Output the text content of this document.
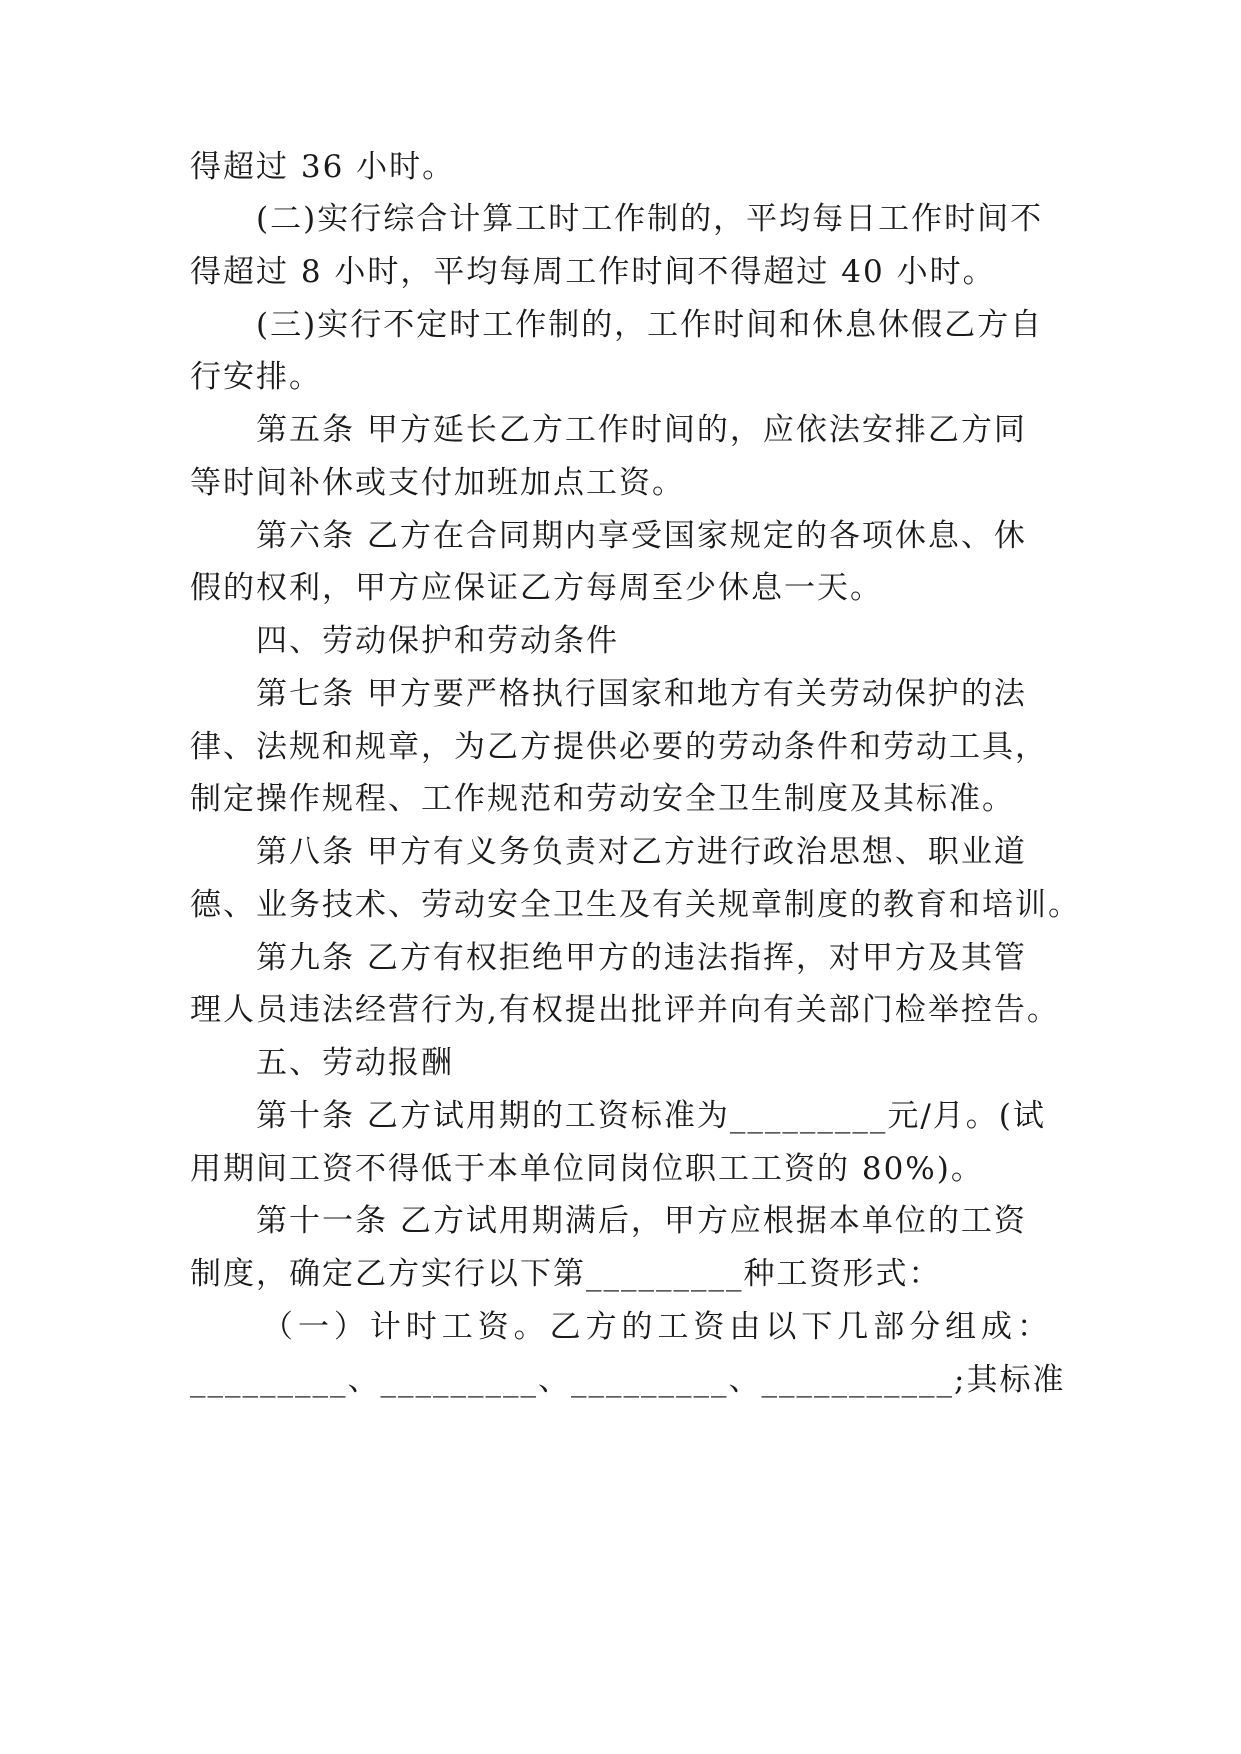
得超过 36 小时。
(二)实行综合计算工时工作制的，平均每日工作时间不
得超过 8 小时，平均每周工作时间不得超过 40 小时。
(三)实行不定时工作制的，工作时间和休息休假乙方自
行安排。
第五条 甲方延长乙方工作时间的，应依法安排乙方同
等时间补休或支付加班加点工资。
第六条 乙方在合同期内享受国家规定的各项休息、休
假的权利，甲方应保证乙方每周至少休息一天。
四、劳动保护和劳动条件
第七条 甲方要严格执行国家和地方有关劳动保护的法
律、法规和规章，为乙方提供必要的劳动条件和劳动工具，
制定操作规程、工作规范和劳动安全卫生制度及其标准。
第八条 甲方有义务负责对乙方进行政治思想、职业道
德、业务技术、劳动安全卫生及有关规章制度的教育和培训。
第九条 乙方有权拒绝甲方的违法指挥，对甲方及其管
理人员违法经营行为,有权提出批评并向有关部门检举控告。
五、劳动报酬
第十条 乙方试用期的工资标准为_________元/月。(试
用期间工资不得低于本单位同岗位职工工资的 80%)。
第十一条 乙方试用期满后，甲方应根据本单位的工资
制度，确定乙方实行以下第_________种工资形式：
（一）计时工资。乙方的工资由以下几部分组成：
_________、_________、_________、___________;其标准
